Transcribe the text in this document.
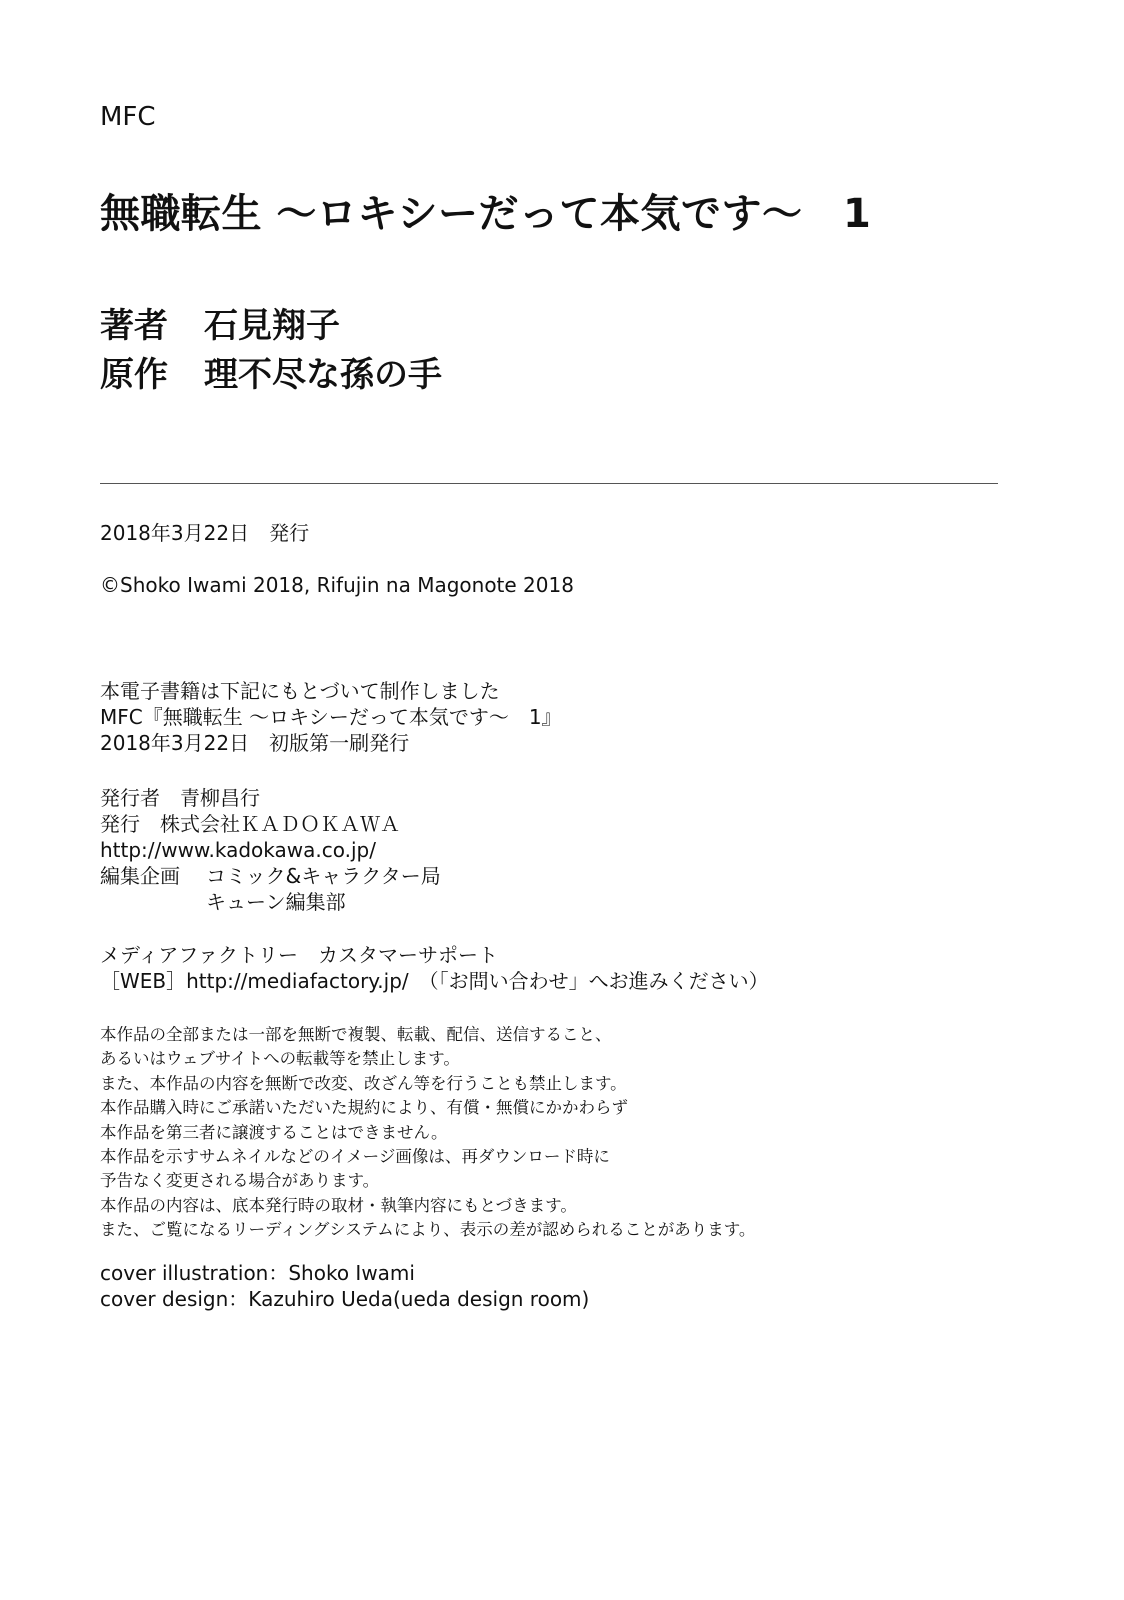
MFC
無職転生 ～ロキシーだって本気です～　1
著者 石見翔子
原作 理不尽な孫の手
2018年3月22日　発行
©Shoko Iwami 2018, Rifujin na Magonote 2018
本電子書籍は下記にもとづいて制作しました
MFC『無職転生 ～ロキシーだって本気です～　1』
2018年3月22日　初版第一刷発行
発行者　青柳昌行
発行　株式会社ＫＡＤＯＫＡＷＡ
http://www.kadokawa.co.jp/
編集企画 コミック&キャラクター局
キューン編集部
メディアファクトリー　カスタマーサポート
［WEB］http://mediafactory.jp/　（「お問い合わせ」へお進みください）
本作品の全部または一部を無断で複製、転載、配信、送信すること、
あるいはウェブサイトへの転載等を禁止します。
また、本作品の内容を無断で改変、改ざん等を行うことも禁止します。
本作品購入時にご承諾いただいた規約により、有償・無償にかかわらず
本作品を第三者に譲渡することはできません。
本作品を示すサムネイルなどのイメージ画像は、再ダウンロード時に
予告なく変更される場合があります。
本作品の内容は、底本発行時の取材・執筆内容にもとづきます。
また、ご覧になるリーディングシステムにより、表示の差が認められることがあります。
cover illustration：Shoko Iwami
cover design：Kazuhiro Ueda(ueda design room)
